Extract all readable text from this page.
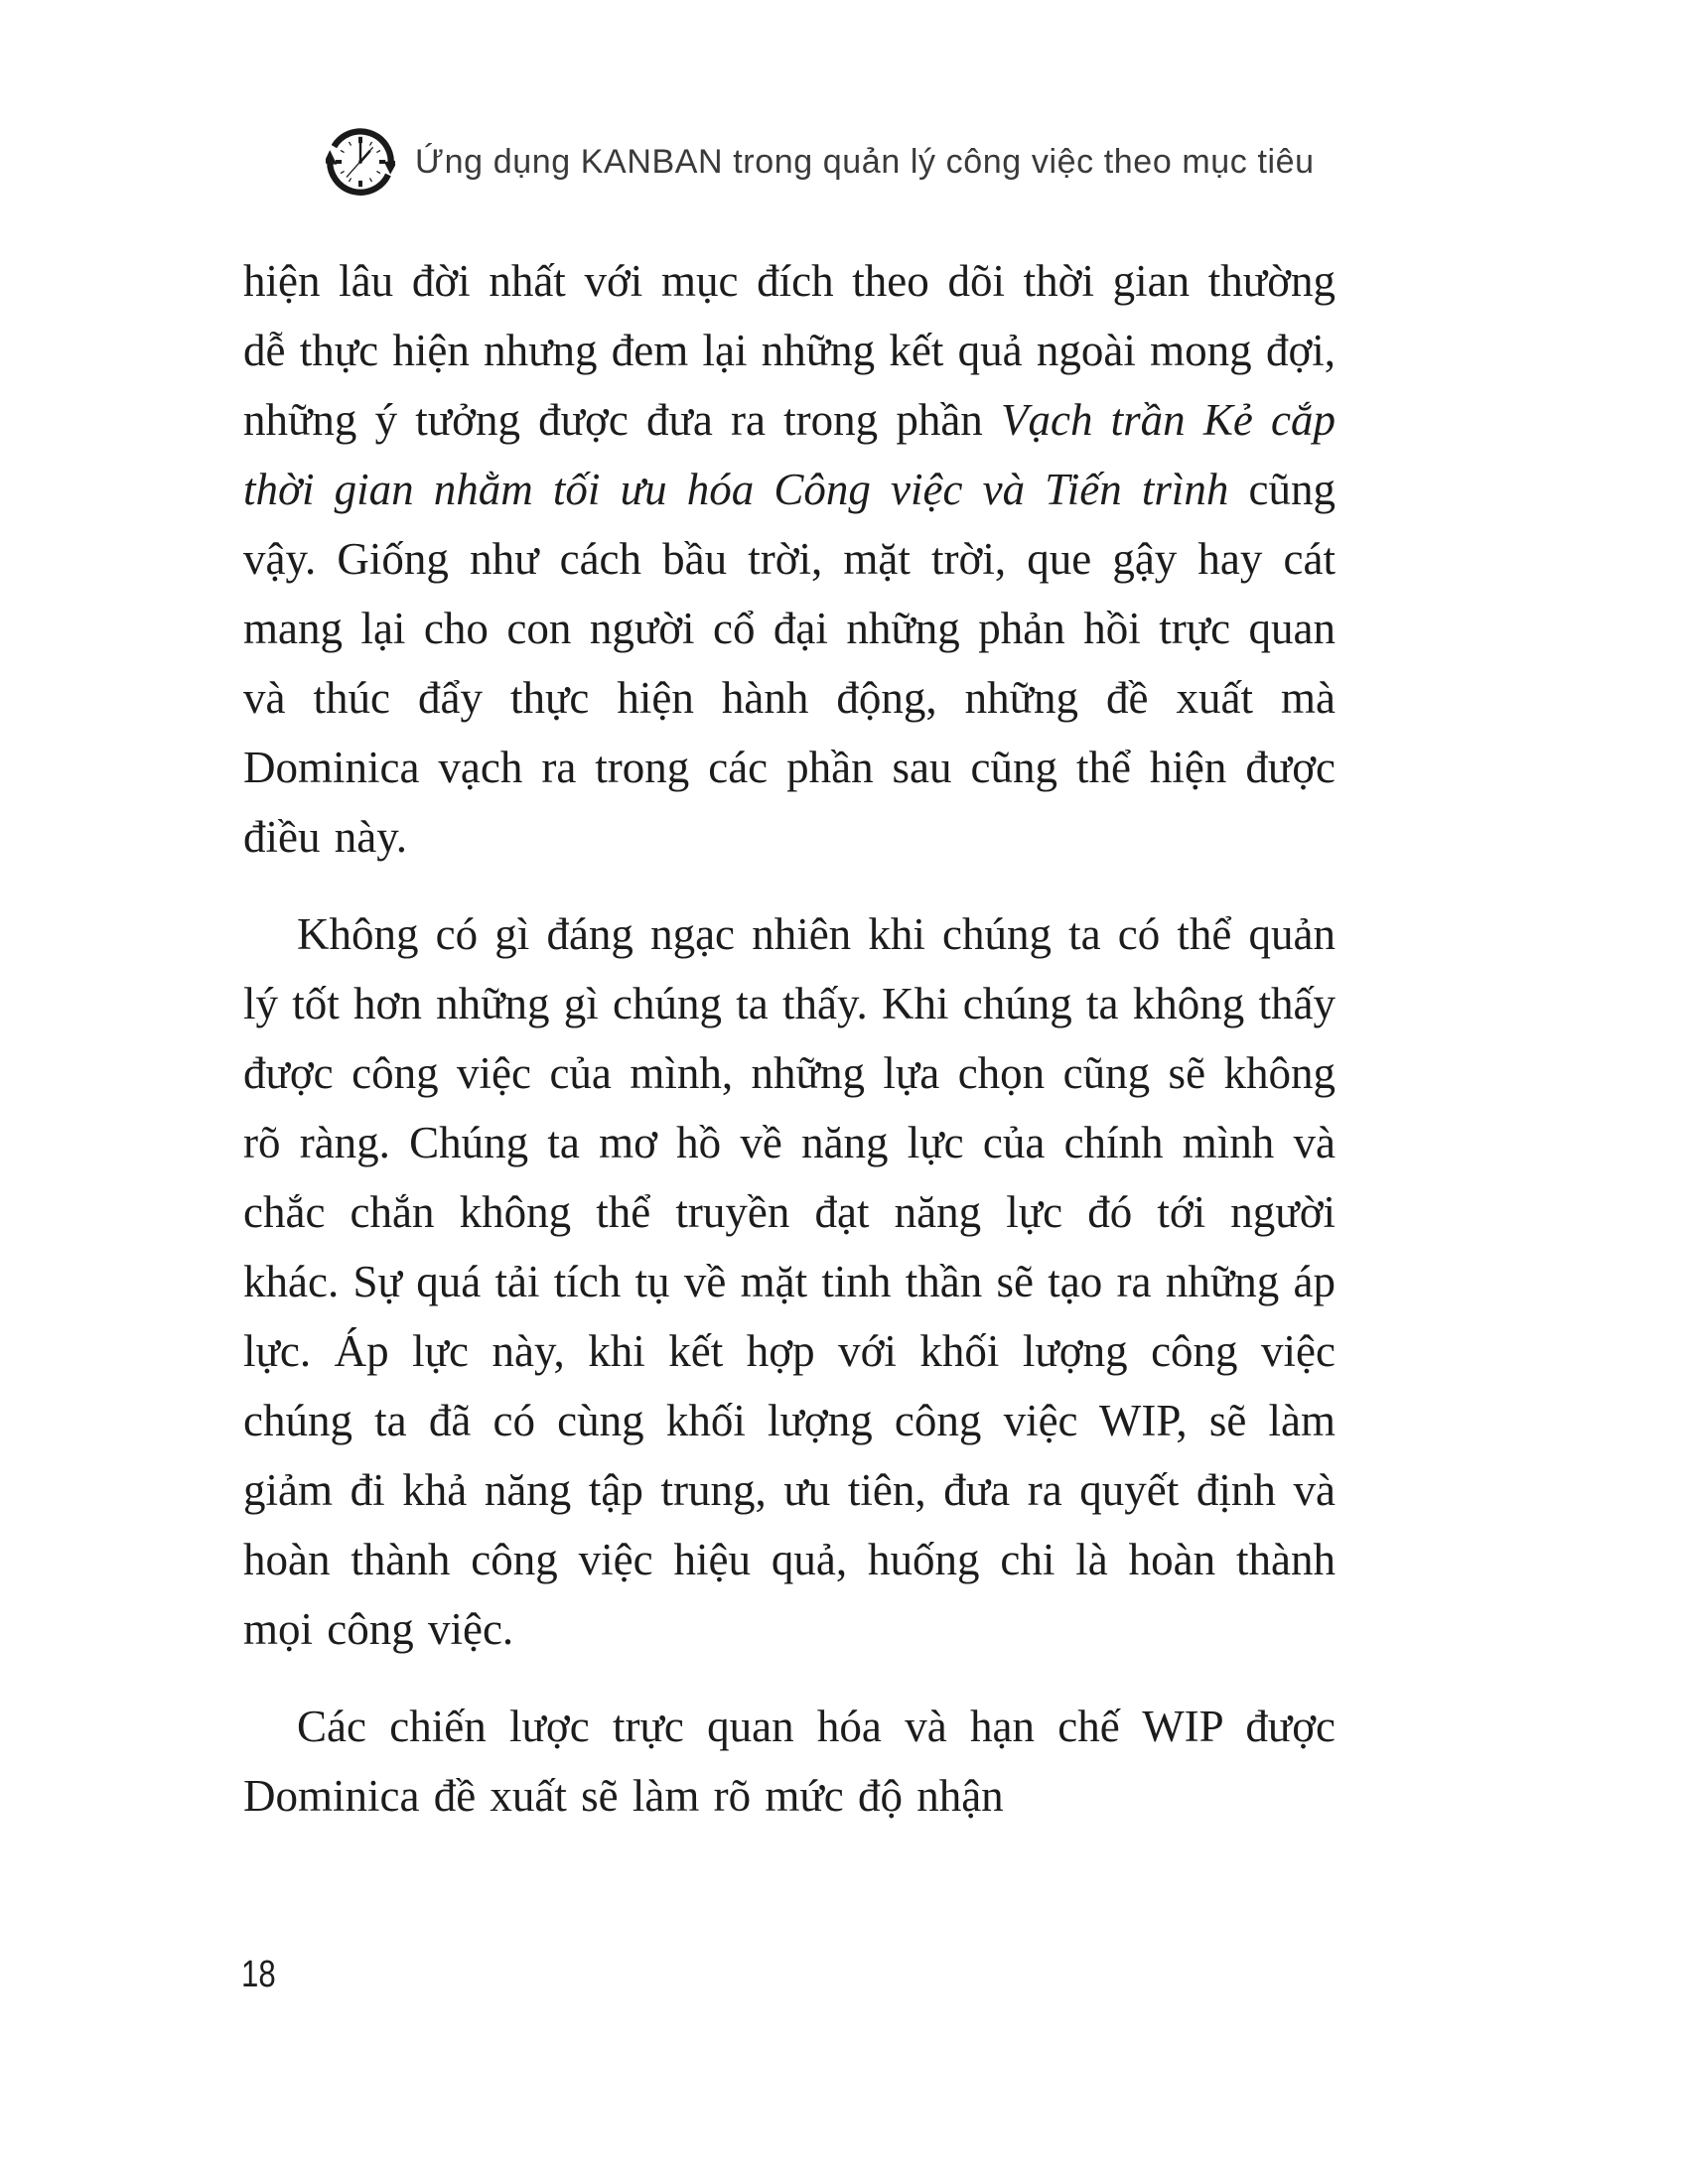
Ứng dụng KANBAN trong quản lý công việc theo mục tiêu

hiện lâu đời nhất với mục đích theo dõi thời gian thường dễ thực hiện nhưng đem lại những kết quả ngoài mong đợi, những ý tưởng được đưa ra trong phần Vạch trần Kẻ cắp thời gian nhằm tối ưu hóa Công việc và Tiến trình cũng vậy. Giống như cách bầu trời, mặt trời, que gậy hay cát mang lại cho con người cổ đại những phản hồi trực quan và thúc đẩy thực hiện hành động, những đề xuất mà Dominica vạch ra trong các phần sau cũng thể hiện được điều này.

Không có gì đáng ngạc nhiên khi chúng ta có thể quản lý tốt hơn những gì chúng ta thấy. Khi chúng ta không thấy được công việc của mình, những lựa chọn cũng sẽ không rõ ràng. Chúng ta mơ hồ về năng lực của chính mình và chắc chắn không thể truyền đạt năng lực đó tới người khác. Sự quá tải tích tụ về mặt tinh thần sẽ tạo ra những áp lực. Áp lực này, khi kết hợp với khối lượng công việc chúng ta đã có cùng khối lượng công việc WIP, sẽ làm giảm đi khả năng tập trung, ưu tiên, đưa ra quyết định và hoàn thành công việc hiệu quả, huống chi là hoàn thành mọi công việc.

Các chiến lược trực quan hóa và hạn chế WIP được Dominica đề xuất sẽ làm rõ mức độ nhận

18
